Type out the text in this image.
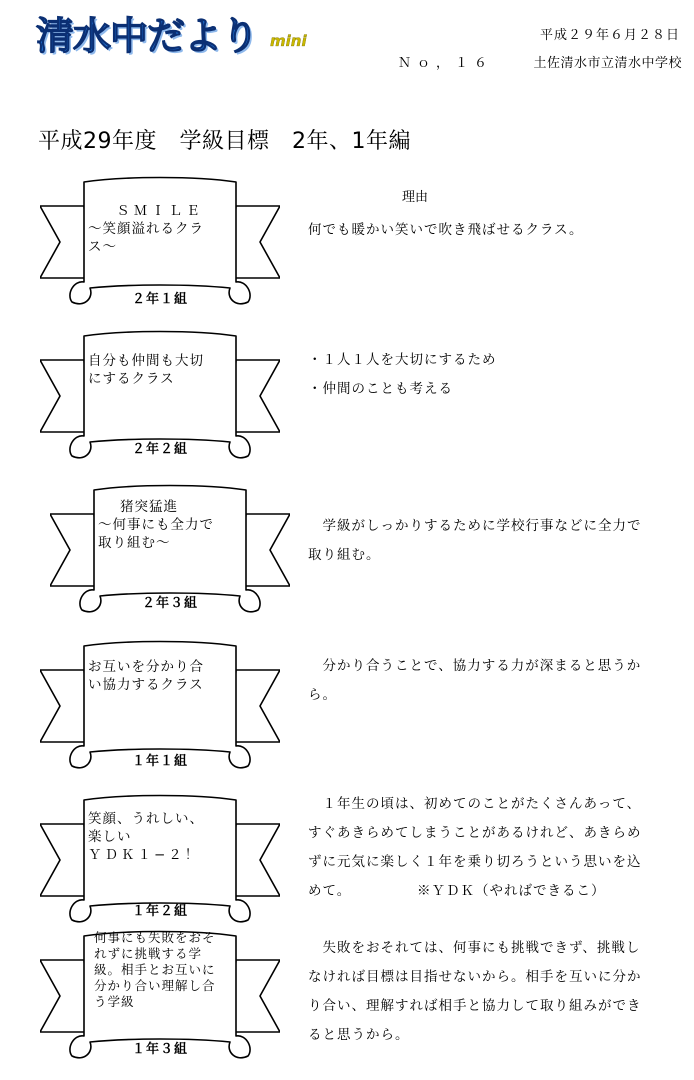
清水中だより mini	平成２９年６月２８日
Ｎｏ，１６	土佐清水市立清水中学校
平成29年度　学級目標　2年、1年編
理由
ＳＭＩＬＥ
〜笑顔溢れるクラ
ス〜
２年１組
自分も仲間も大切
にするクラス
２年２組
猪突猛進
〜何事にも全力で
取り組む〜
２年３組
お互いを分かり合
い協力するクラス
１年１組
笑顔、うれしい、
楽しい
ＹＤＫ１−２！
１年２組
何事にも失敗をおそ
れずに挑戦する学
級。相手とお互いに
分かり合い理解し合
う学級
１年３組

何でも暖かい笑いで吹き飛ばせるクラス。

・１人１人を大切にするため

・仲間のことも考える

　学級がしっかりするために学校行事などに全力で

取り組む。

　分かり合うことで、協力する力が深まると思うか

ら。

　１年生の頃は、初めてのことがたくさんあって、

すぐあきらめてしまうことがあるけれど、あきらめ

ずに元気に楽しく１年を乗り切ろうという思いを込

めて。　　　　　※ＹＤＫ（やればできるこ）

　失敗をおそれては、何事にも挑戦できず、挑戦し

なければ目標は目指せないから。相手を互いに分か

り合い、理解すれば相手と協力して取り組みができ

ると思うから。
